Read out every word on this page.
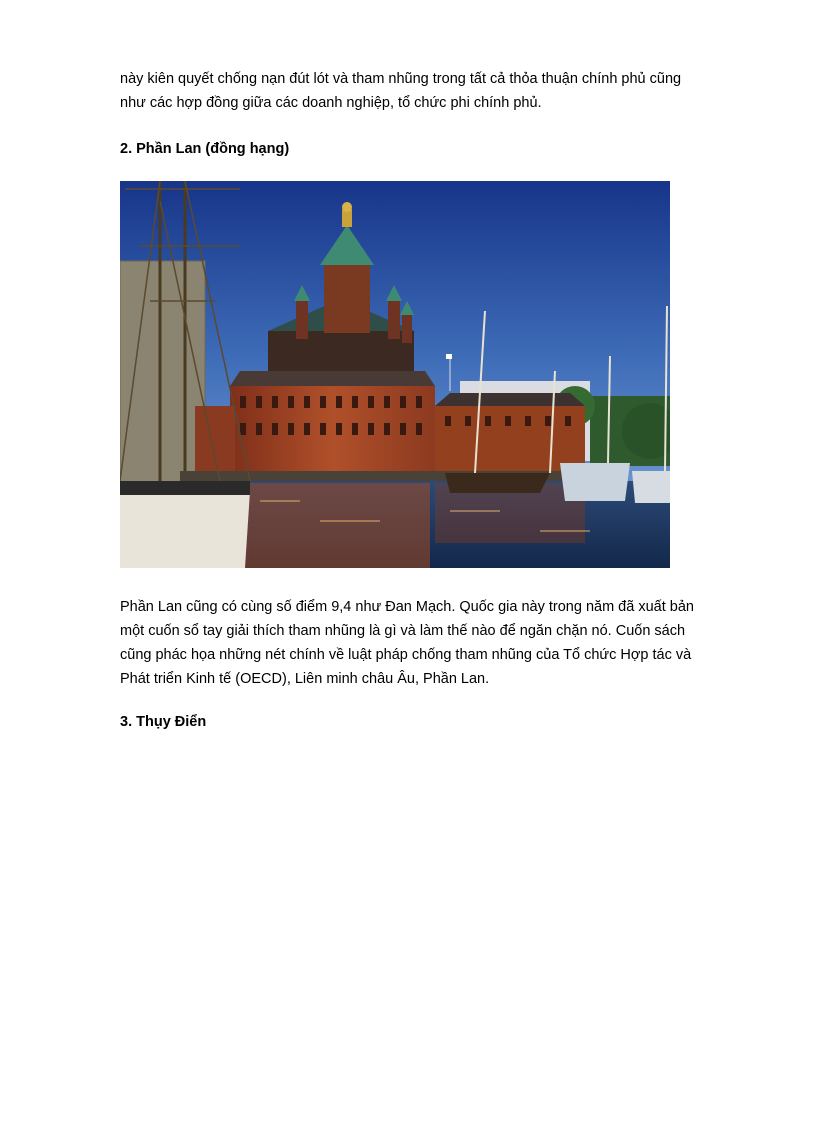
này kiên quyết chống nạn đút lót và tham nhũng trong tất cả thỏa thuận chính phủ cũng như các hợp đồng giữa các doanh nghiệp, tổ chức phi chính phủ.

2. Phần Lan (đồng hạng)

Phần Lan cũng có cùng số điểm 9,4 như Đan Mạch. Quốc gia này trong năm đã xuất bản một cuốn sổ tay giải thích tham nhũng là gì và làm thế nào để ngăn chặn nó. Cuốn sách cũng phác họa những nét chính về luật pháp chống tham nhũng của Tổ chức Hợp tác và Phát triển Kinh tế (OECD), Liên minh châu Âu, Phần Lan.

3. Thụy Điển
